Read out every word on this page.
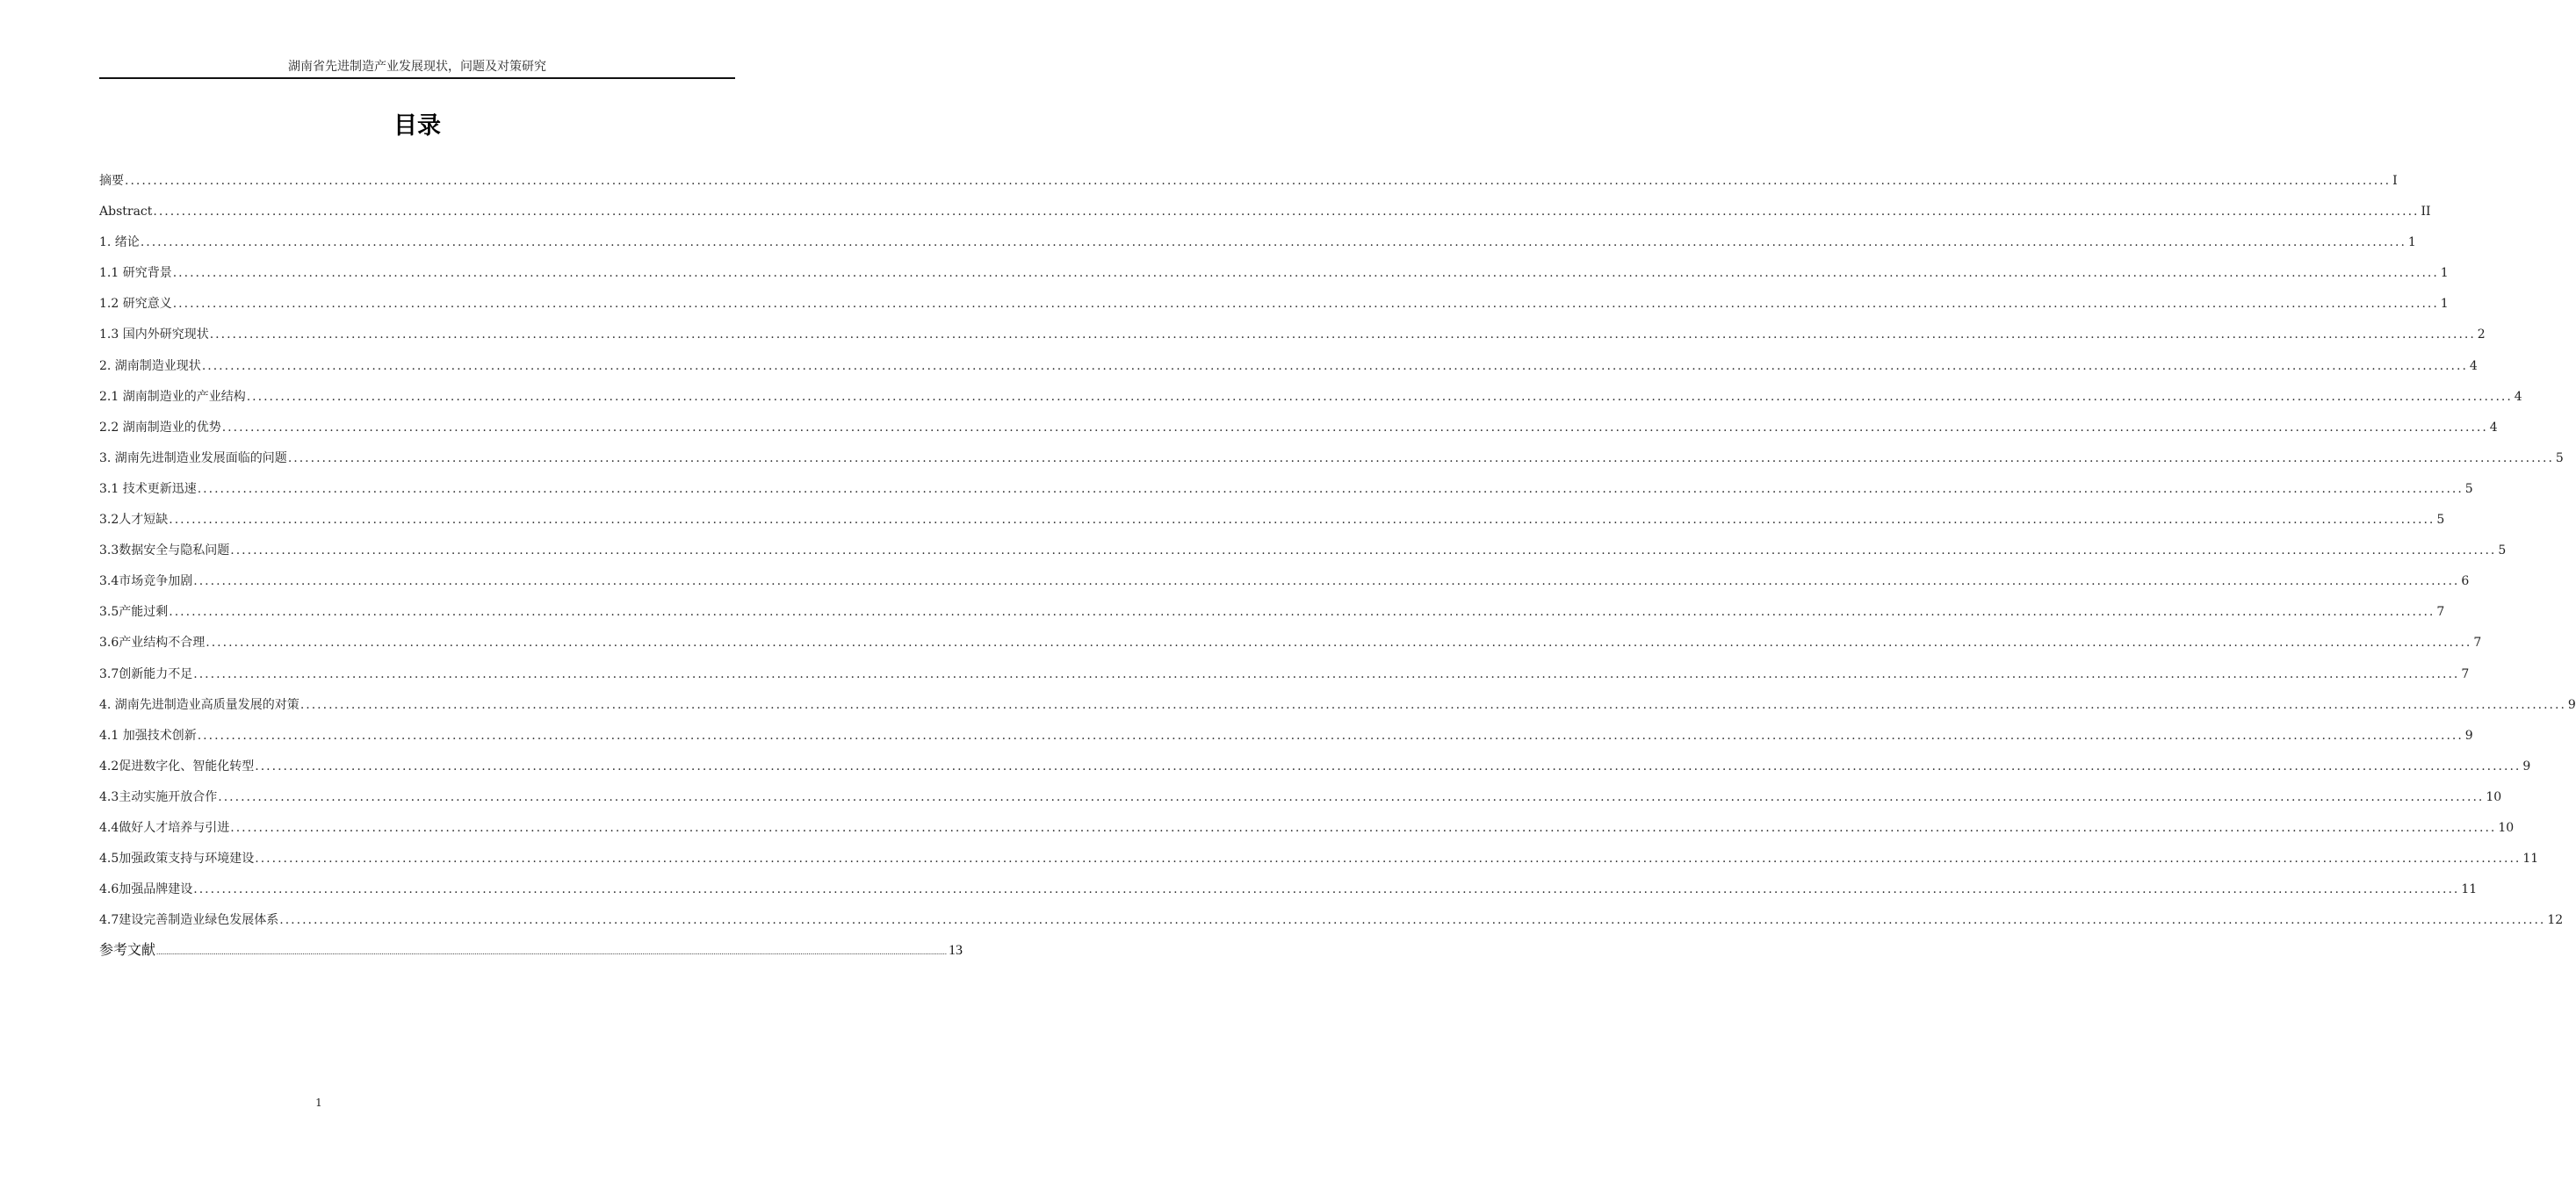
湖南省先进制造产业发展现状，问题及对策研究
目录
摘要 ................................................................................................................................................................................................................................................................................................................................................................................................................ I
Abstract ................................................................................................................................................................................................................................................................................................................................................................................................................ II
1. 绪论 ................................................................................................................................................................................................................................................................................................................................................................................................................ 1
1.1 研究背景 ................................................................................................................................................................................................................................................................................................................................................................................................................ 1
1.2 研究意义 ................................................................................................................................................................................................................................................................................................................................................................................................................ 1
1.3 国内外研究现状 ................................................................................................................................................................................................................................................................................................................................................................................................................ 2
2. 湖南制造业现状 ................................................................................................................................................................................................................................................................................................................................................................................................................ 4
2.1 湖南制造业的产业结构 ................................................................................................................................................................................................................................................................................................................................................................................................................ 4
2.2 湖南制造业的优势 ................................................................................................................................................................................................................................................................................................................................................................................................................ 4
3. 湖南先进制造业发展面临的问题 ................................................................................................................................................................................................................................................................................................................................................................................................................ 5
3.1 技术更新迅速 ................................................................................................................................................................................................................................................................................................................................................................................................................ 5
3.2人才短缺 ................................................................................................................................................................................................................................................................................................................................................................................................................ 5
3.3数据安全与隐私问题 ................................................................................................................................................................................................................................................................................................................................................................................................................ 5
3.4市场竞争加剧 ................................................................................................................................................................................................................................................................................................................................................................................................................ 6
3.5产能过剩 ................................................................................................................................................................................................................................................................................................................................................................................................................ 7
3.6产业结构不合理 ................................................................................................................................................................................................................................................................................................................................................................................................................ 7
3.7创新能力不足 ................................................................................................................................................................................................................................................................................................................................................................................................................ 7
4. 湖南先进制造业高质量发展的对策 ................................................................................................................................................................................................................................................................................................................................................................................................................ 9
4.1 加强技术创新 ................................................................................................................................................................................................................................................................................................................................................................................................................ 9
4.2促进数字化、智能化转型 ................................................................................................................................................................................................................................................................................................................................................................................................................ 9
4.3主动实施开放合作 ................................................................................................................................................................................................................................................................................................................................................................................................................ 10
4.4做好人才培养与引进 ................................................................................................................................................................................................................................................................................................................................................................................................................ 10
4.5加强政策支持与环境建设 ................................................................................................................................................................................................................................................................................................................................................................................................................ 11
4.6加强品牌建设 ................................................................................................................................................................................................................................................................................................................................................................................................................ 11
4.7建设完善制造业绿色发展体系 ................................................................................................................................................................................................................................................................................................................................................................................................................ 12
参考文献 ................................................................................................................................................................................................................................................................................................................................................................................................................ 13
1
